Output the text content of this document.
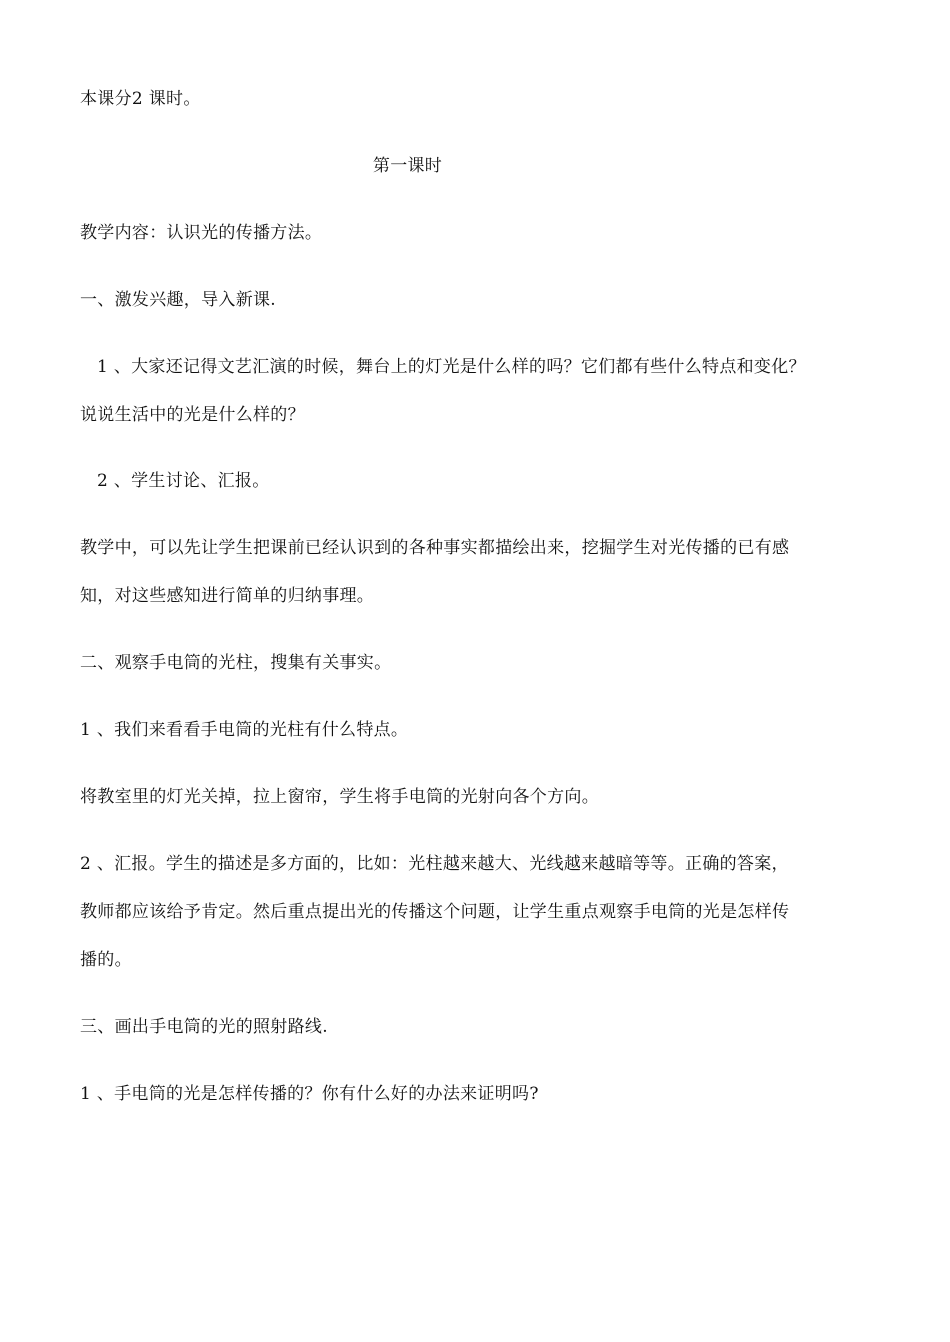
本课分2 课时。
第一课时
教学内容：认识光的传播方法。
一、激发兴趣，导入新课.
1 、大家还记得文艺汇演的时候，舞台上的灯光是什么样的吗？它们都有些什么特点和变化？
说说生活中的光是什么样的？
2 、学生讨论、汇报。
教学中，可以先让学生把课前已经认识到的各种事实都描绘出来，挖掘学生对光传播的已有感
知，对这些感知进行简单的归纳事理。
二、观察手电筒的光柱，搜集有关事实。
1 、我们来看看手电筒的光柱有什么特点。
将教室里的灯光关掉，拉上窗帘，学生将手电筒的光射向各个方向。
2 、汇报。学生的描述是多方面的，比如：光柱越来越大、光线越来越暗等等。正确的答案，
教师都应该给予肯定。然后重点提出光的传播这个问题，让学生重点观察手电筒的光是怎样传
播的。
三、画出手电筒的光的照射路线.
1 、手电筒的光是怎样传播的？你有什么好的办法来证明吗?
